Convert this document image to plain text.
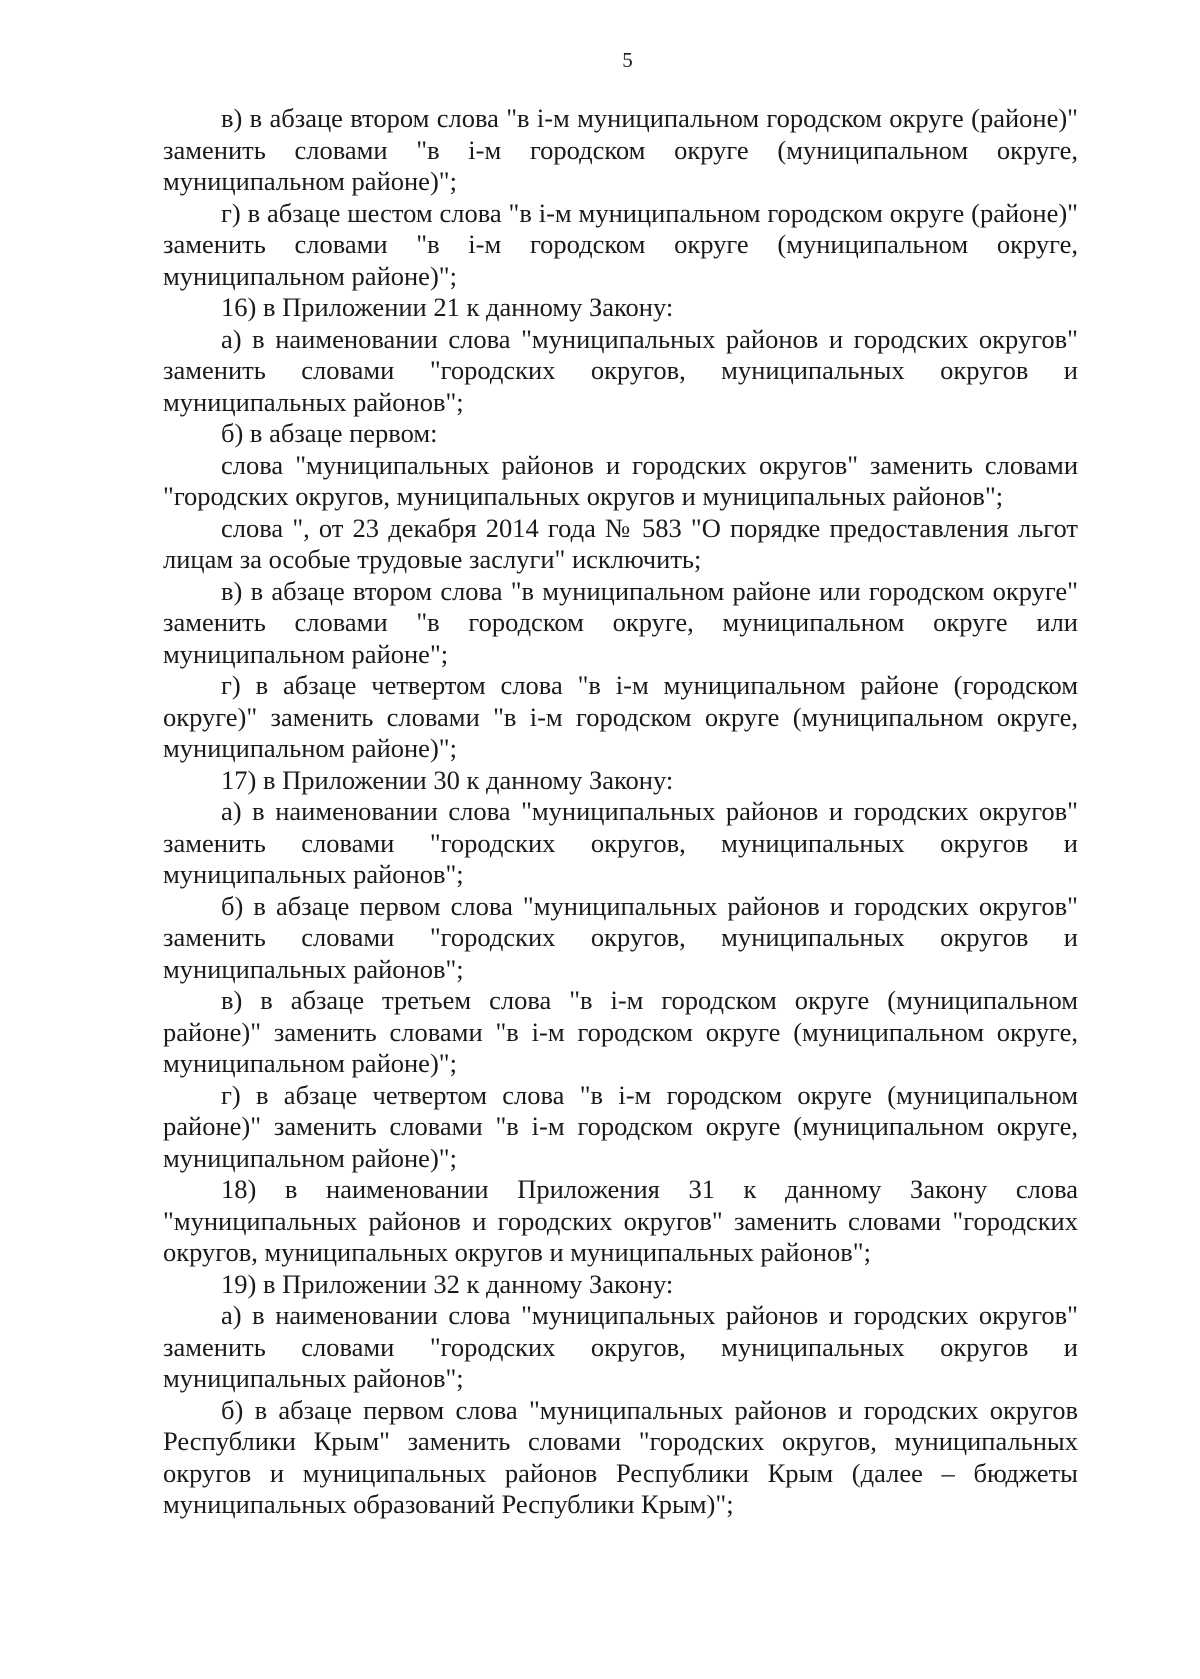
5

в) в абзаце втором слова "в i-м муниципальном городском округе (районе)" заменить словами "в i-м городском округе (муниципальном округе, муниципальном районе)";

г) в абзаце шестом слова "в i-м муниципальном городском округе (районе)" заменить словами "в i-м городском округе (муниципальном округе, муниципальном районе)";

16) в Приложении 21 к данному Закону:

а) в наименовании слова "муниципальных районов и городских округов" заменить словами "городских округов, муниципальных округов и муниципальных районов";

б) в абзаце первом:

слова "муниципальных районов и городских округов" заменить словами "городских округов, муниципальных округов и муниципальных районов";

слова ", от 23 декабря 2014 года № 583 "О порядке предоставления льгот лицам за особые трудовые заслуги" исключить;

в) в абзаце втором слова "в муниципальном районе или городском округе" заменить словами "в городском округе, муниципальном округе или муниципальном районе";

г) в абзаце четвертом слова "в i-м муниципальном районе (городском округе)" заменить словами "в i-м городском округе (муниципальном округе, муниципальном районе)";

17) в Приложении 30 к данному Закону:

а) в наименовании слова "муниципальных районов и городских округов" заменить словами "городских округов, муниципальных округов и муниципальных районов";

б) в абзаце первом слова "муниципальных районов и городских округов" заменить словами "городских округов, муниципальных округов и муниципальных районов";

в) в абзаце третьем слова "в i-м городском округе (муниципальном районе)" заменить словами "в i-м городском округе (муниципальном округе, муниципальном районе)";

г) в абзаце четвертом слова "в i-м городском округе (муниципальном районе)" заменить словами "в i-м городском округе (муниципальном округе, муниципальном районе)";

18) в наименовании Приложения 31 к данному Закону слова "муниципальных районов и городских округов" заменить словами "городских округов, муниципальных округов и муниципальных районов";

19) в Приложении 32 к данному Закону:

а) в наименовании слова "муниципальных районов и городских округов" заменить словами "городских округов, муниципальных округов и муниципальных районов";

б) в абзаце первом слова "муниципальных районов и городских округов Республики Крым" заменить словами "городских округов, муниципальных округов и муниципальных районов Республики Крым (далее – бюджеты муниципальных образований Республики Крым)";
